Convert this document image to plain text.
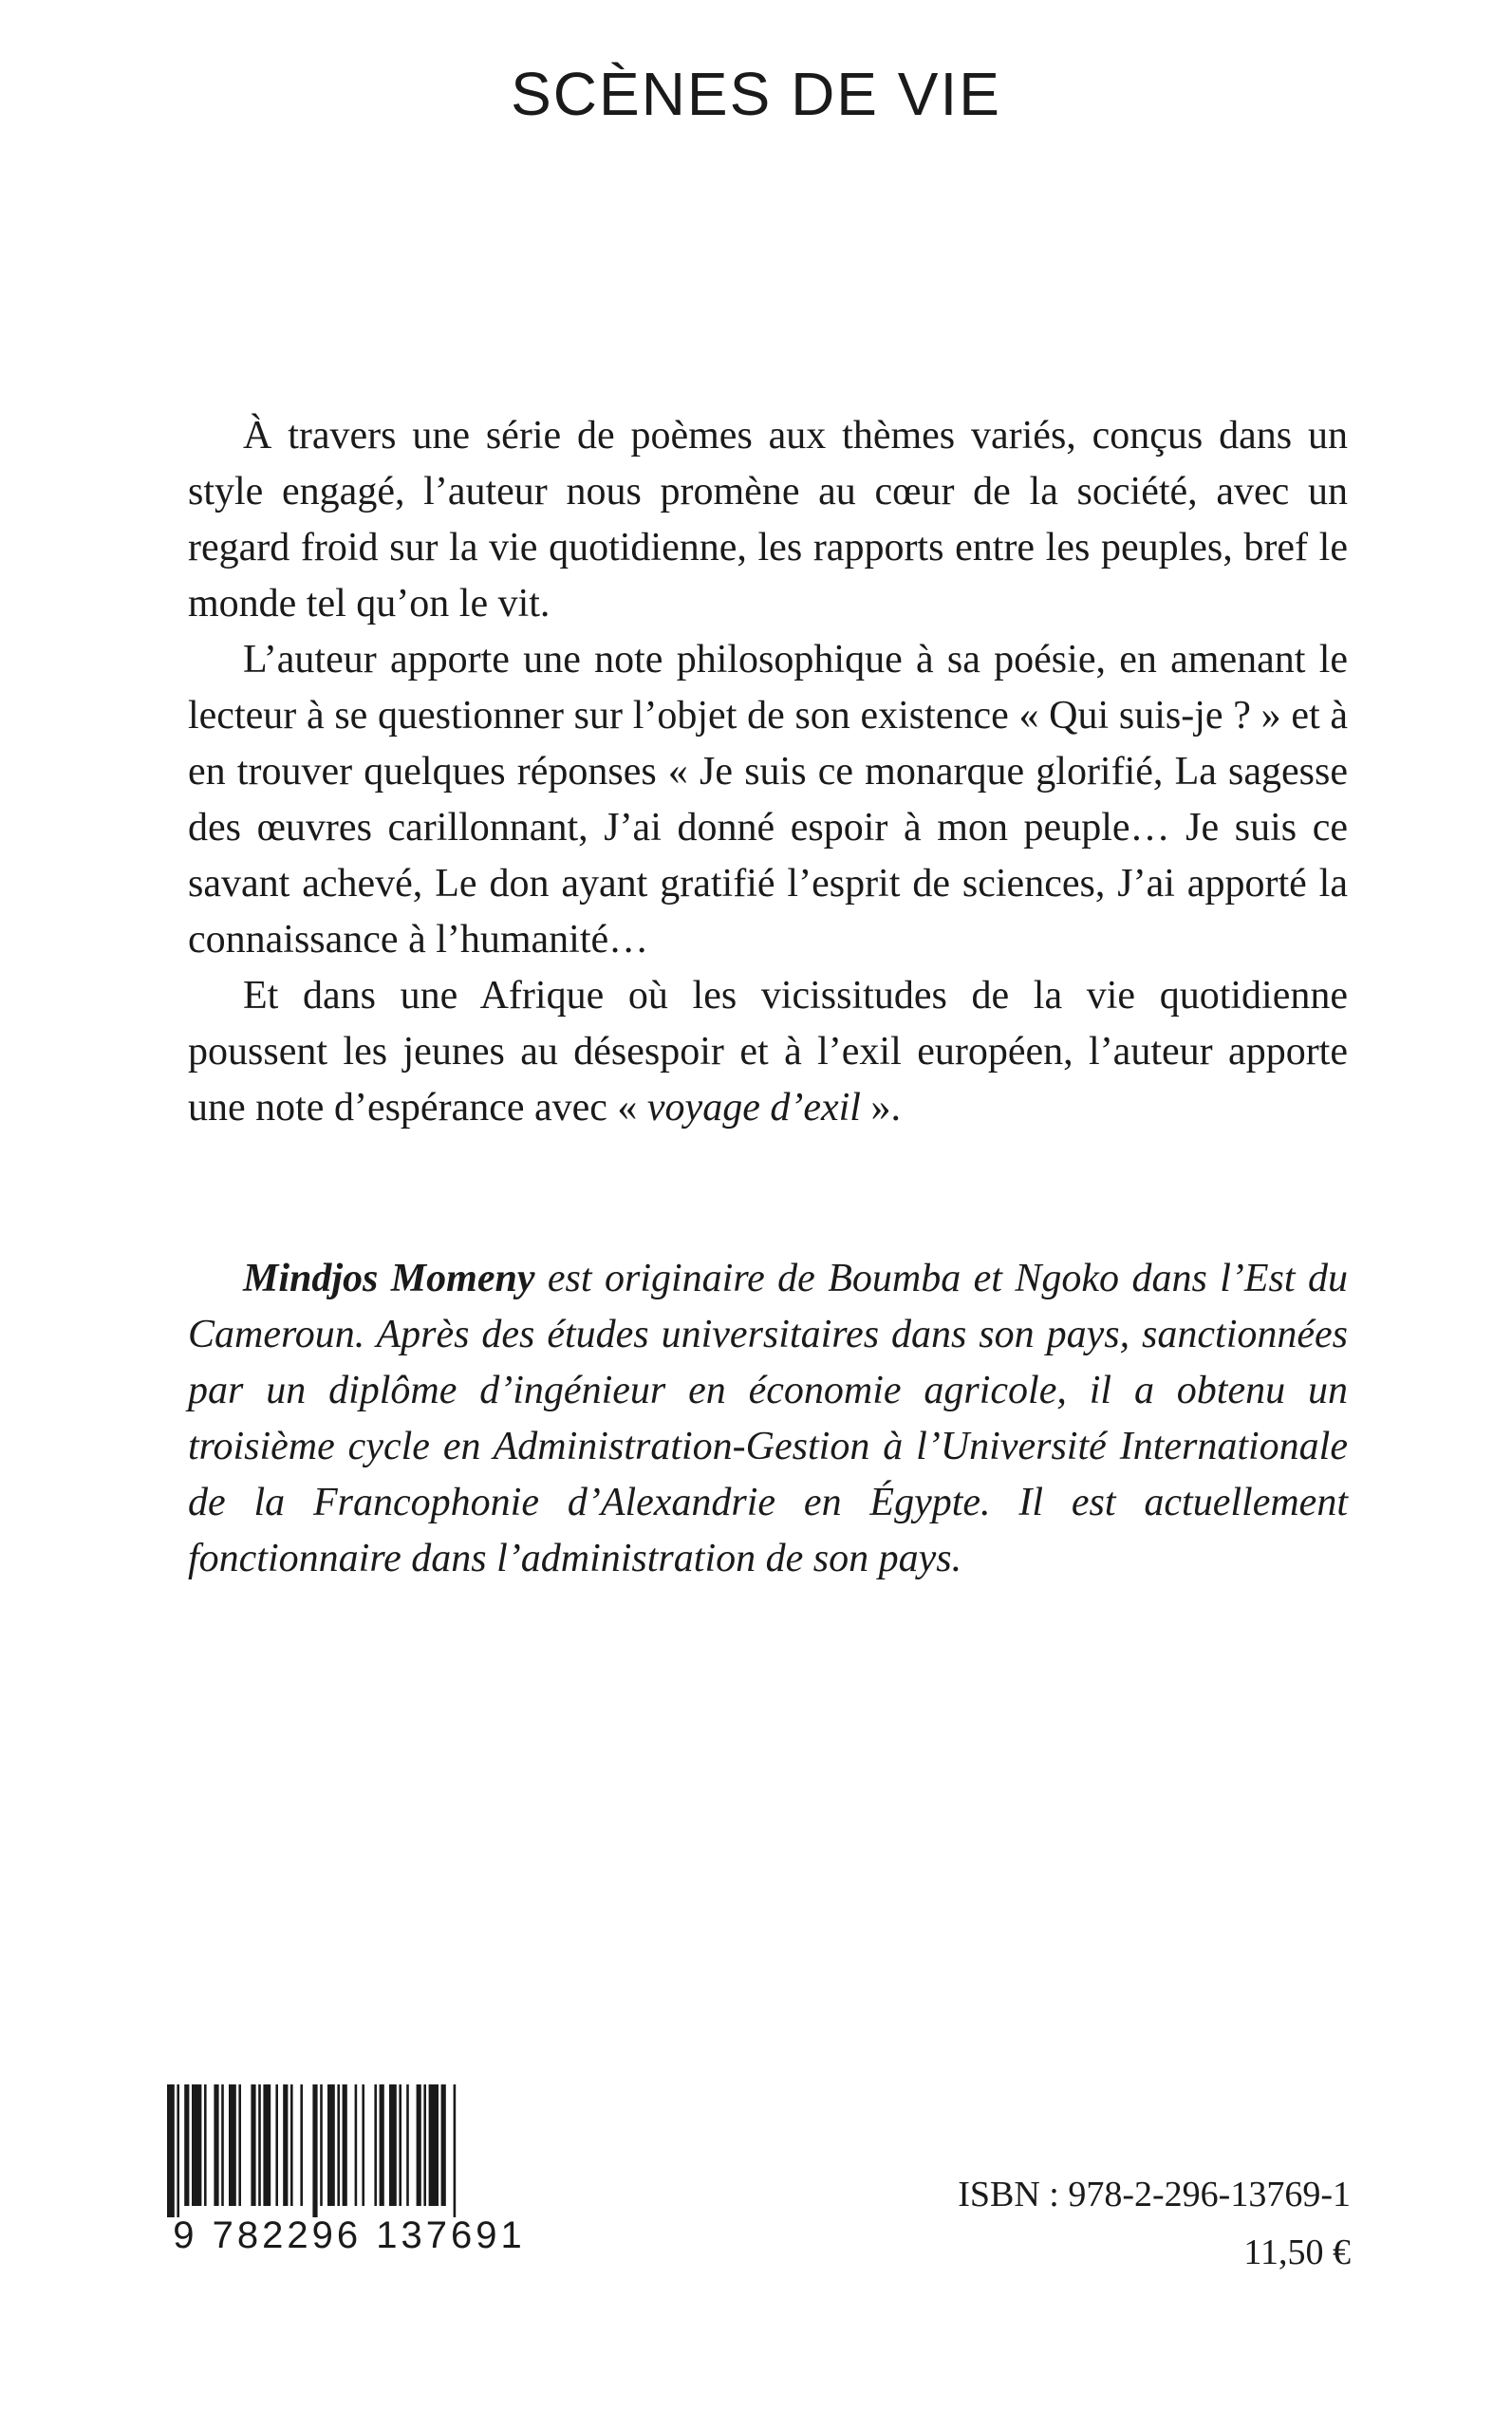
SCÈNES DE VIE

À travers une série de poèmes aux thèmes variés, conçus dans un style engagé, l’auteur nous promène au cœur de la société, avec un regard froid sur la vie quotidienne, les rapports entre les peuples, bref le monde tel qu’on le vit.

L’auteur apporte une note philosophique à sa poésie, en amenant le lecteur à se questionner sur l’objet de son existence « Qui suis-je ? » et à en trouver quelques réponses « Je suis ce monarque glorifié, La sagesse des œuvres carillonnant, J’ai donné espoir à mon peuple… Je suis ce savant achevé, Le don ayant gratifié l’esprit de sciences, J’ai apporté la connaissance à l’humanité…

Et dans une Afrique où les vicissitudes de la vie quotidienne poussent les jeunes au désespoir et à l’exil européen, l’auteur apporte une note d’espérance avec « voyage d’exil ».

Mindjos Momeny est originaire de Boumba et Ngoko dans l’Est du Cameroun. Après des études universitaires dans son pays, sanctionnées par un diplôme d’ingénieur en économie agricole, il a obtenu un troisième cycle en Administration-Gestion à l’Université Internationale de la Francophonie d’Alexandrie en Égypte. Il est actuellement fonctionnaire dans l’administration de son pays.

9 782296 137691

ISBN : 978-2-296-13769-1

11,50 €
